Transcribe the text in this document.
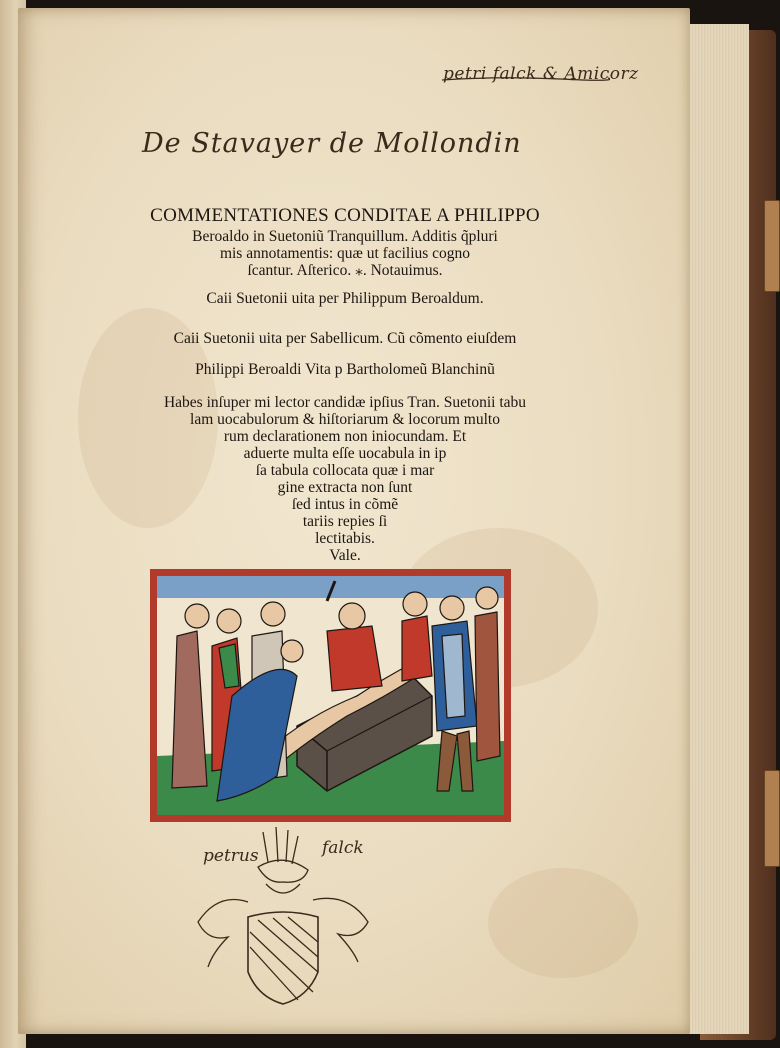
petri falck & Amicorz
De Stavayer de Mollondin
COMMENTATIONES CONDITAE A PHILIPPO
Beroaldo in Suetoniũ Tranquillum. Additis q̃pluri
mis annotamentis: quæ ut facilius cogno
ſcantur. Aſterico. ⁎. Notauimus.
Caii Suetonii uita per Philippum Beroaldum.
Caii Suetonii uita per Sabellicum. Cũ cõmento eiuſdem
Philippi Beroaldi Vita p Bartholomeũ Blanchinũ
Habes inſuper mi lector candidæ ipſius Tran. Suetonii tabu
lam uocabulorum & hiſtoriarum & locorum multo
rum declarationem non iniocundam. Et
aduerte multa eſſe uocabula in ip
ſa tabula collocata quæ i mar
gine extracta non ſunt
ſed intus in cõmẽ
tariis repies ſi
lectitabis.
Vale.
petrus	falck
